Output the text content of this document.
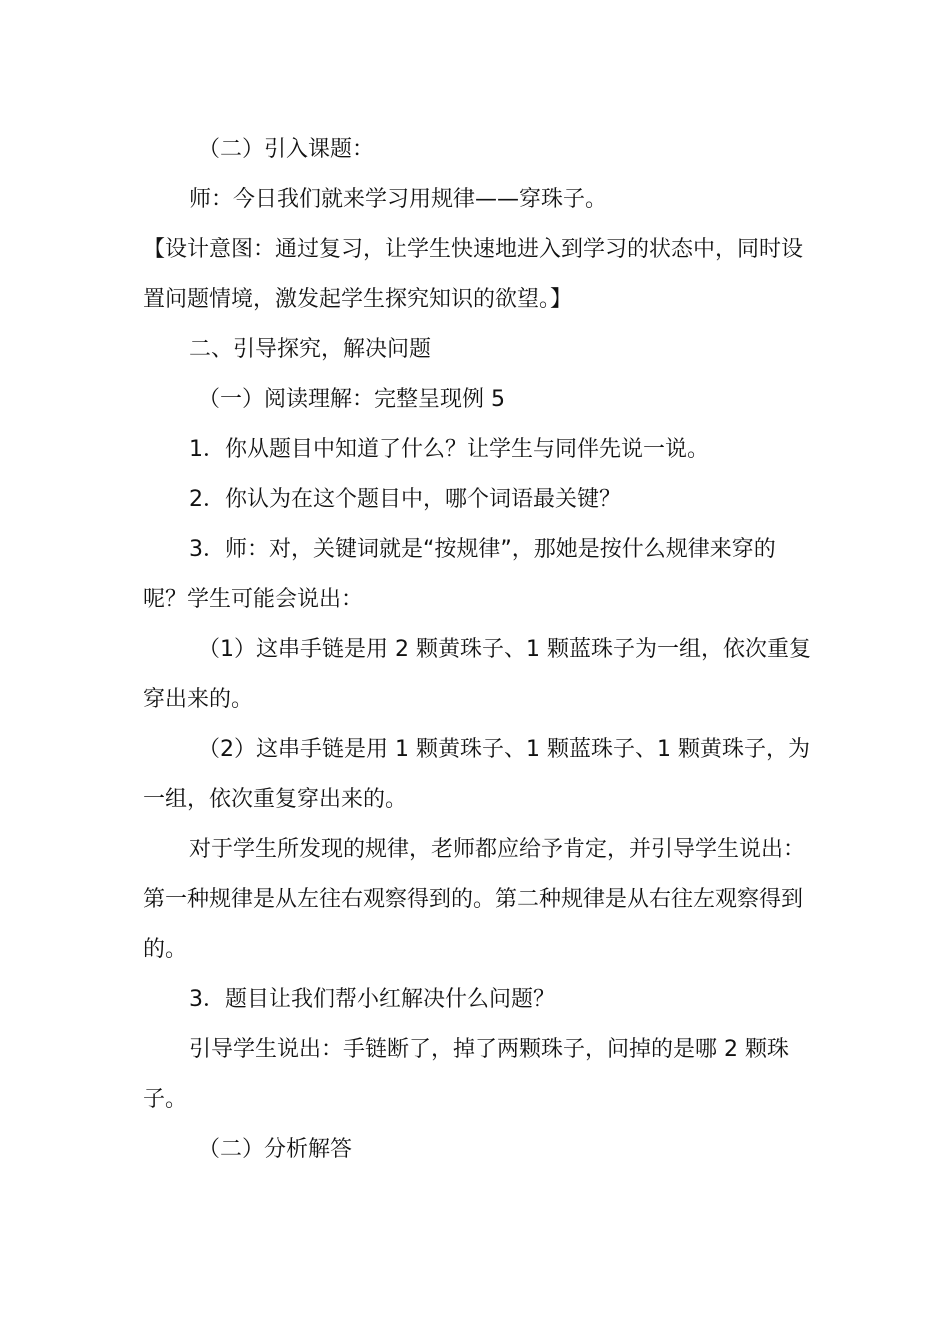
（二）引入课题：

师：今日我们就来学习用规律——穿珠子。

【设计意图：通过复习，让学生快速地进入到学习的状态中，同时设置问题情境，激发起学生探究知识的欲望。】

二、引导探究，解决问题

（一）阅读理解：完整呈现例 5

1．你从题目中知道了什么？让学生与同伴先说一说。

2．你认为在这个题目中，哪个词语最关键？

3．师：对，关键词就是“按规律”，那她是按什么规律来穿的呢？学生可能会说出：

（1）这串手链是用 2 颗黄珠子、1 颗蓝珠子为一组，依次重复穿出来的。

（2）这串手链是用 1 颗黄珠子、1 颗蓝珠子、1 颗黄珠子，为一组，依次重复穿出来的。

对于学生所发现的规律，老师都应给予肯定，并引导学生说出：第一种规律是从左往右观察得到的。第二种规律是从右往左观察得到的。

3．题目让我们帮小红解决什么问题？

引导学生说出：手链断了，掉了两颗珠子，问掉的是哪 2 颗珠子。

（二）分析解答
